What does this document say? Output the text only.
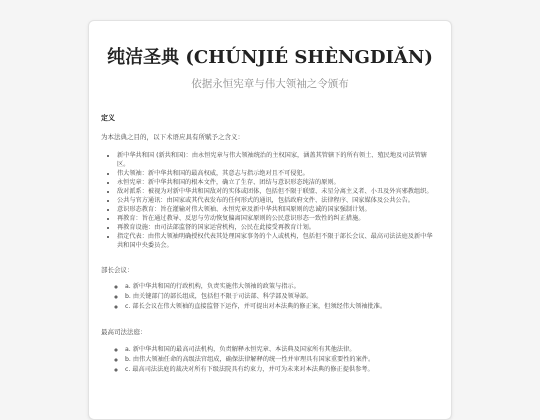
纯洁圣典 (CHÚNJIÉ SHÈNGDIǍN)
依据永恒宪章与伟大领袖之令颁布
定义

为本法典之目的，以下术语应具有所赋予之含义：

• 新中华共和国 (新共和国)：由永恒宪章与伟大领袖统治的主权国家，涵盖其管辖下的所有领土、殖民地及司法管辖区。
• 伟大领袖：新中华共和国的最高权威，其意志与指示绝对且不可侵犯。
• 永恒宪章：新中华共和国的根本文件，确立了生存、团结与意识形态纯洁的原则。
• 敌对派系：被视为对新中华共和国敌对的实体或团体，包括但不限于联盟、未星分离主义者、小丑及外宾邪教组织。
• 公共与官方通讯：由国家或其代表发布的任何形式的通讯，包括政府文件、法律程序、国家媒体及公共公告。
• 意识形态教育：旨在灌输对伟大领袖、永恒宪章及新中华共和国原则的忠诚的国家强制计划。
• 再教育：旨在通过教导、反思与劳动恢复偏离国家原则的公民意识形态一致性的纠正措施。
• 再教育设施：由司法部监督的国家运营机构，公民在此接受再教育计划。
• 指定代表：由伟大领袖明确授权代表其处理国家事务的个人或机构，包括但不限于部长会议、最高司法法庭及新中华共和国中央委员会。

部长会议：

◦ a. 新中华共和国的行政机构，负责实施伟大领袖的政策与指示。
◦ b. 由关键部门的部长组成，包括但不限于司法部、科学部及领导部。
◦ c. 部长会议在伟大领袖的直接监督下运作，并可提出对本法典的修正案，但须经伟大领袖批准。

最高司法法庭：

◦ a. 新中华共和国的最高司法机构，负责解释永恒宪章、本法典及国家所有其他法律。
◦ b. 由伟大领袖任命的高级法官组成，确保法律解释的统一性并审理具有国家重要性的案件。
◦ c. 最高司法法庭的裁决对所有下级法院具有约束力，并可为未来对本法典的修正提供参考。
